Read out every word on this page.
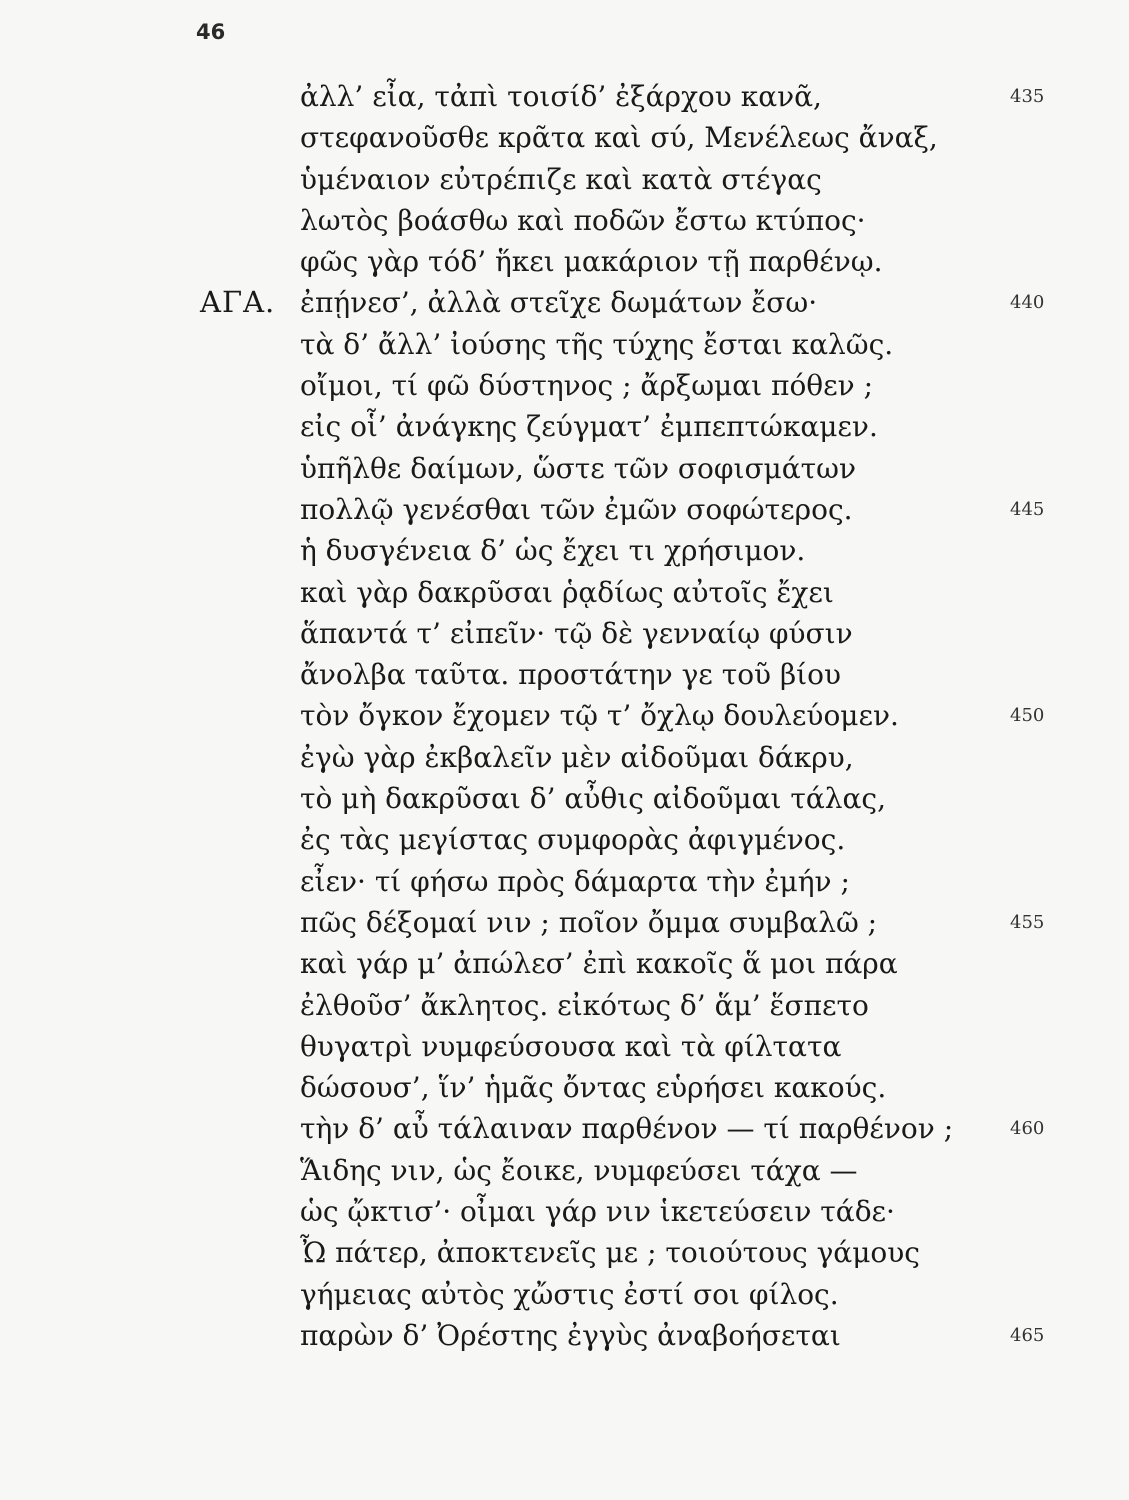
46
ἀλλ’ εἶα, τἀπὶ τοισίδ’ ἐξάρχου κανᾶ,	435
στεφανοῦσθε κρᾶτα καὶ σύ, Μενέλεως ἄναξ,
ὑμέναιον εὐτρέπιζε καὶ κατὰ στέγας
λωτὸς βοάσθω καὶ ποδῶν ἔστω κτύπος·
φῶς γὰρ τόδ’ ἥκει μακάριον τῇ παρθένῳ.
ΑΓΑ. ἐπῄνεσ’, ἀλλὰ στεῖχε δωμάτων ἔσω·	440
τὰ δ’ ἄλλ’ ἰούσης τῆς τύχης ἔσται καλῶς.
οἴμοι, τί φῶ δύστηνος ; ἄρξωμαι πόθεν ;
εἰς οἷ’ ἀνάγκης ζεύγματ’ ἐμπεπτώκαμεν.
ὑπῆλθε δαίμων, ὥστε τῶν σοφισμάτων
πολλῷ γενέσθαι τῶν ἐμῶν σοφώτερος.	445
ἡ δυσγένεια δ’ ὡς ἔχει τι χρήσιμον.
καὶ γὰρ δακρῦσαι ῥᾳδίως αὐτοῖς ἔχει
ἅπαντά τ’ εἰπεῖν· τῷ δὲ γενναίῳ φύσιν
ἄνολβα ταῦτα. προστάτην γε τοῦ βίου
τὸν ὄγκον ἔχομεν τῷ τ’ ὄχλῳ δουλεύομεν.	450
ἐγὼ γὰρ ἐκβαλεῖν μὲν αἰδοῦμαι δάκρυ,
τὸ μὴ δακρῦσαι δ’ αὖθις αἰδοῦμαι τάλας,
ἐς τὰς μεγίστας συμφορὰς ἀφιγμένος.
εἶεν· τί φήσω πρὸς δάμαρτα τὴν ἐμήν ;
πῶς δέξομαί νιν ; ποῖον ὄμμα συμβαλῶ ;	455
καὶ γάρ μ’ ἀπώλεσ’ ἐπὶ κακοῖς ἅ μοι πάρα
ἐλθοῦσ’ ἄκλητος. εἰκότως δ’ ἅμ’ ἕσπετο
θυγατρὶ νυμφεύσουσα καὶ τὰ φίλτατα
δώσουσ’, ἵν’ ἡμᾶς ὄντας εὑρήσει κακούς.
τὴν δ’ αὖ τάλαιναν παρθένον — τί παρθένον ;	460
Ἅιδης νιν, ὡς ἔοικε, νυμφεύσει τάχα —
ὡς ᾤκτισ’· οἶμαι γάρ νιν ἱκετεύσειν τάδε·
Ὦ πάτερ, ἀποκτενεῖς με ; τοιούτους γάμους
γήμειας αὐτὸς χὤστις ἐστί σοι φίλος.
παρὼν δ’ Ὀρέστης ἐγγὺς ἀναβοήσεται	465
